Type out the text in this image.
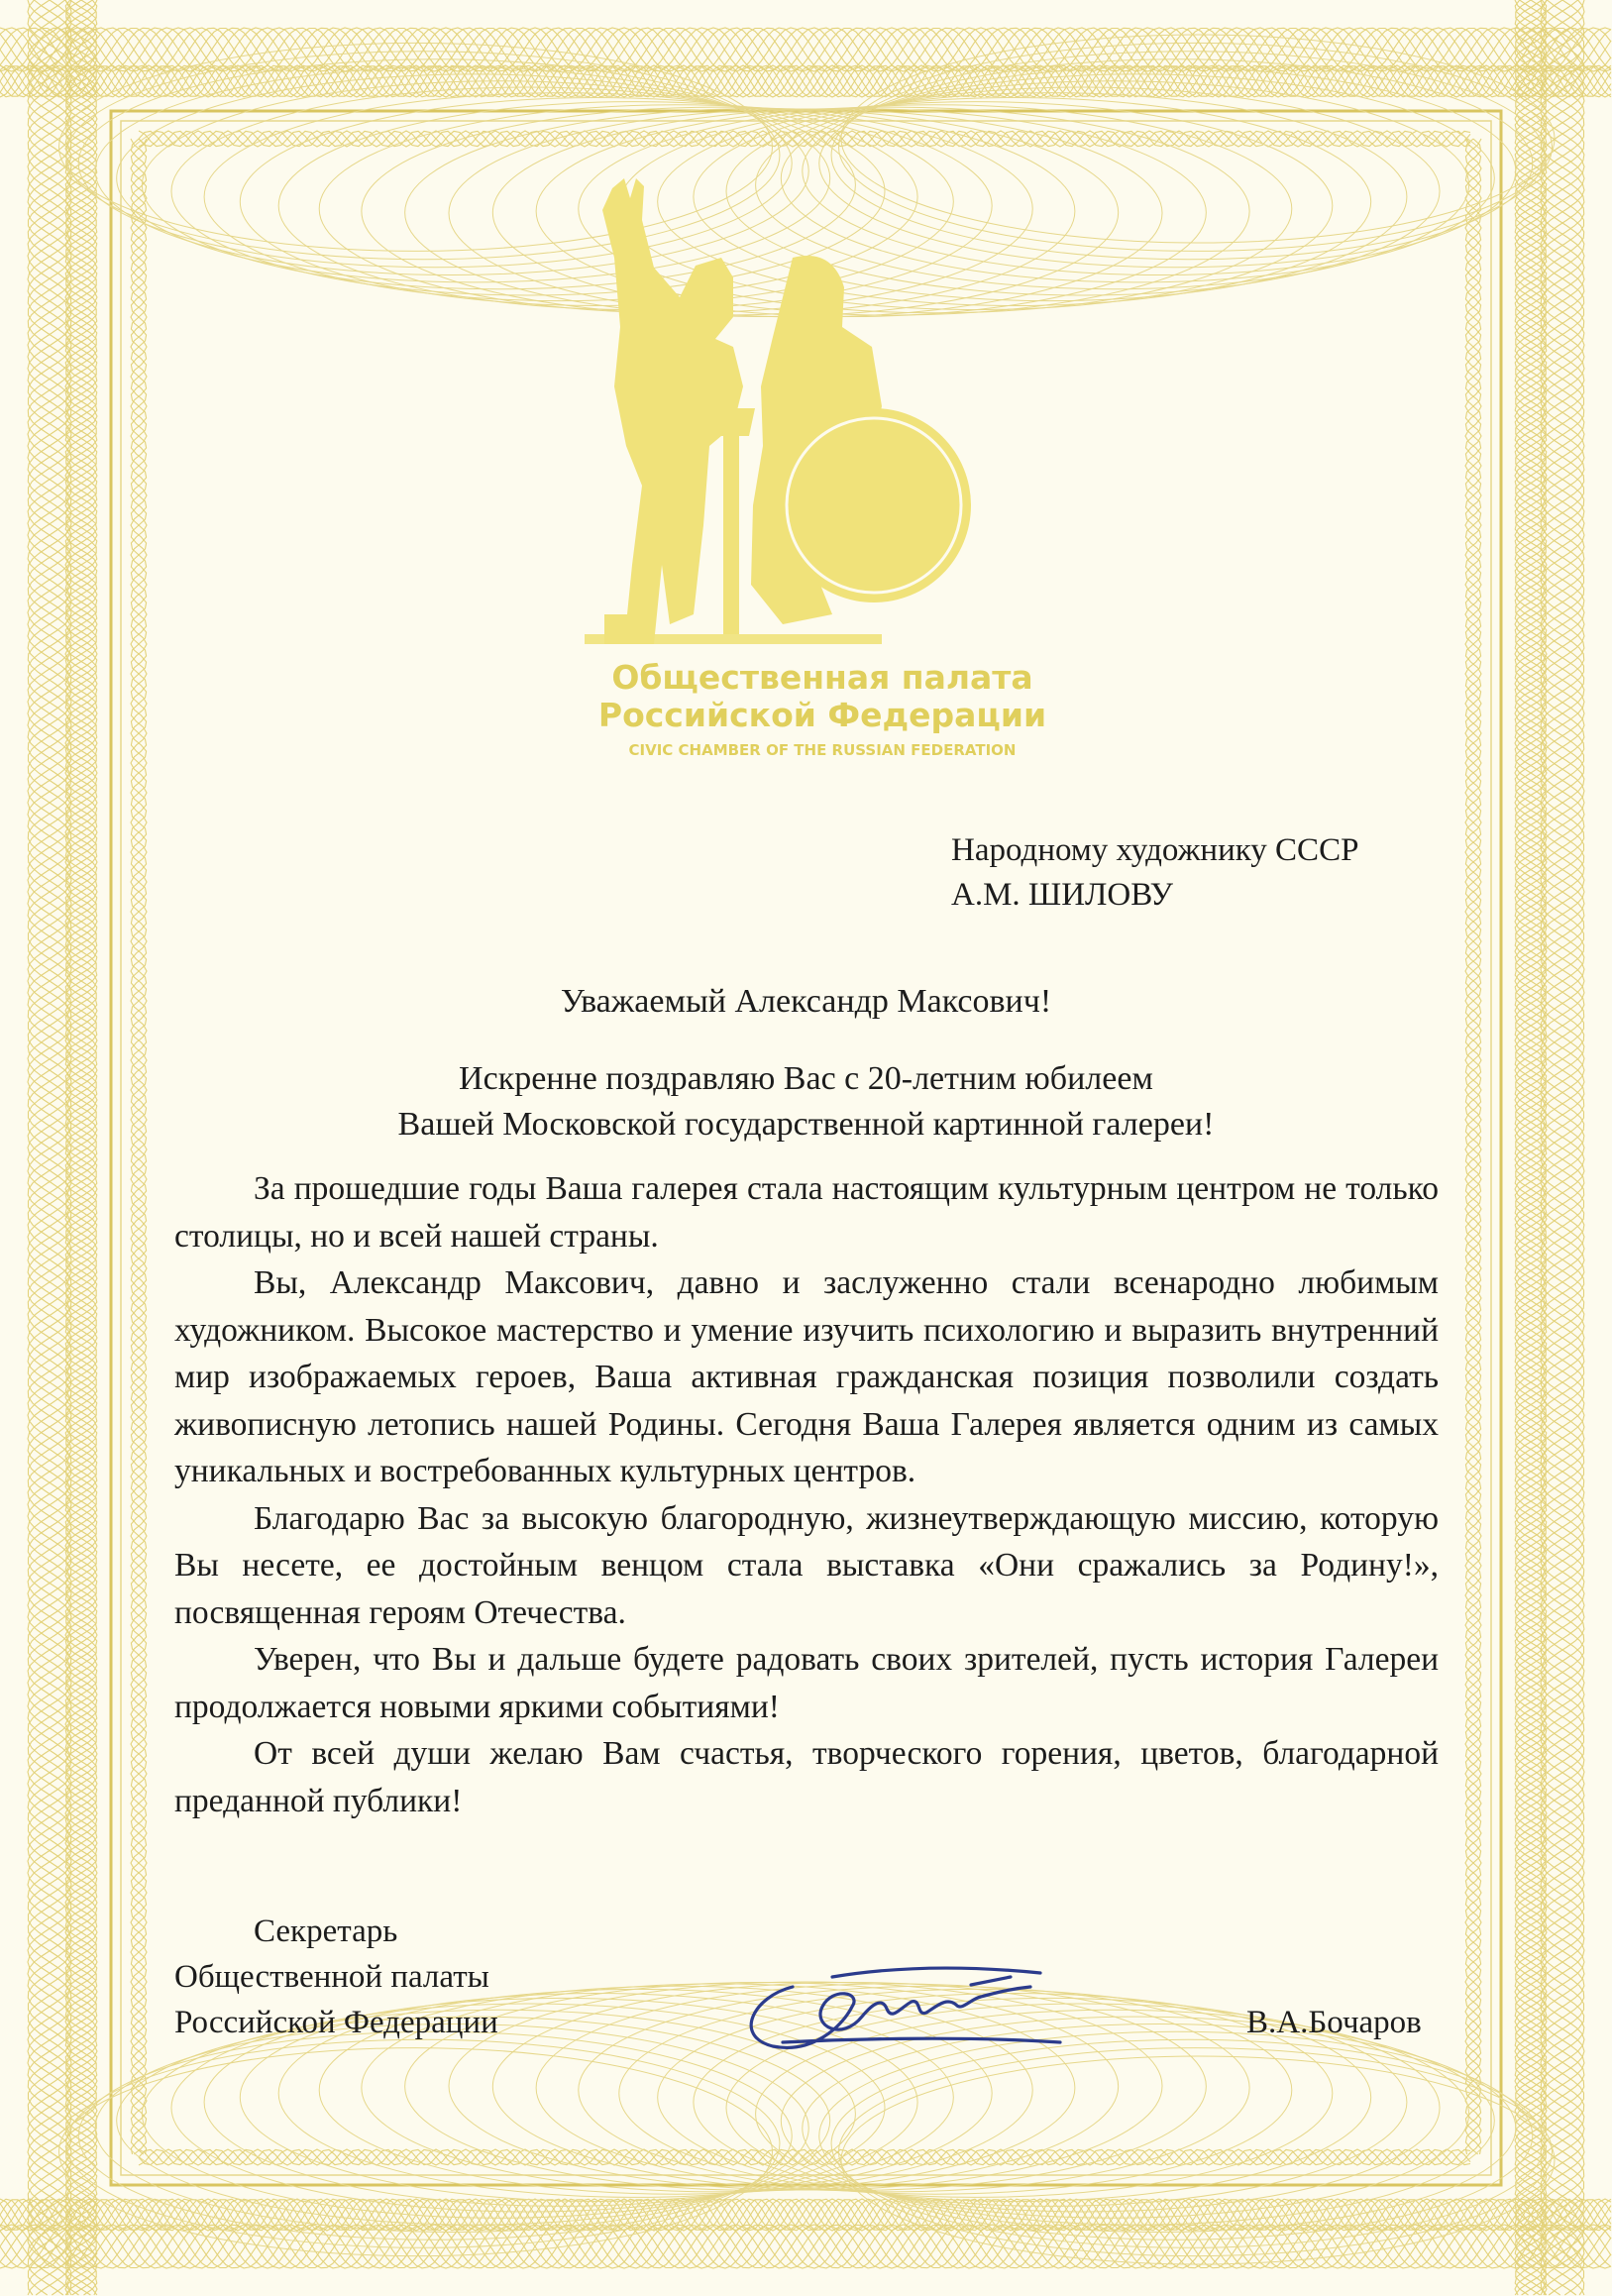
Общественная палата
Российской Федерации
CIVIC CHAMBER OF THE RUSSIAN FEDERATION
Народному художнику СССР
А.М. ШИЛОВУ
Уважаемый Александр Максович!
Искренне поздравляю Вас с 20-летним юбилеем
Вашей Московской государственной картинной галереи!

За прошедшие годы Ваша галерея стала настоящим культурным центром не только столицы, но и всей нашей страны.

Вы, Александр Максович, давно и заслуженно стали всенародно любимым художником. Высокое мастерство и умение изучить психологию и выразить внутренний мир изображаемых героев, Ваша активная гражданская позиция позволили создать живописную летопись нашей Родины. Сегодня Ваша Галерея является одним из самых уникальных и востребованных культурных центров.

Благодарю Вас за высокую благородную, жизнеутверждающую миссию, которую Вы несете, ее достойным венцом стала выставка «Они сражались за Родину!», посвященная героям Отечества.

Уверен, что Вы и дальше будете радовать своих зрителей, пусть история Галереи продолжается новыми яркими событиями!

От всей души желаю Вам счастья, творческого горения, цветов, благодарной преданной публики!

Секретарь
Общественной палаты
Российской Федерации	В.А.Бочаров
